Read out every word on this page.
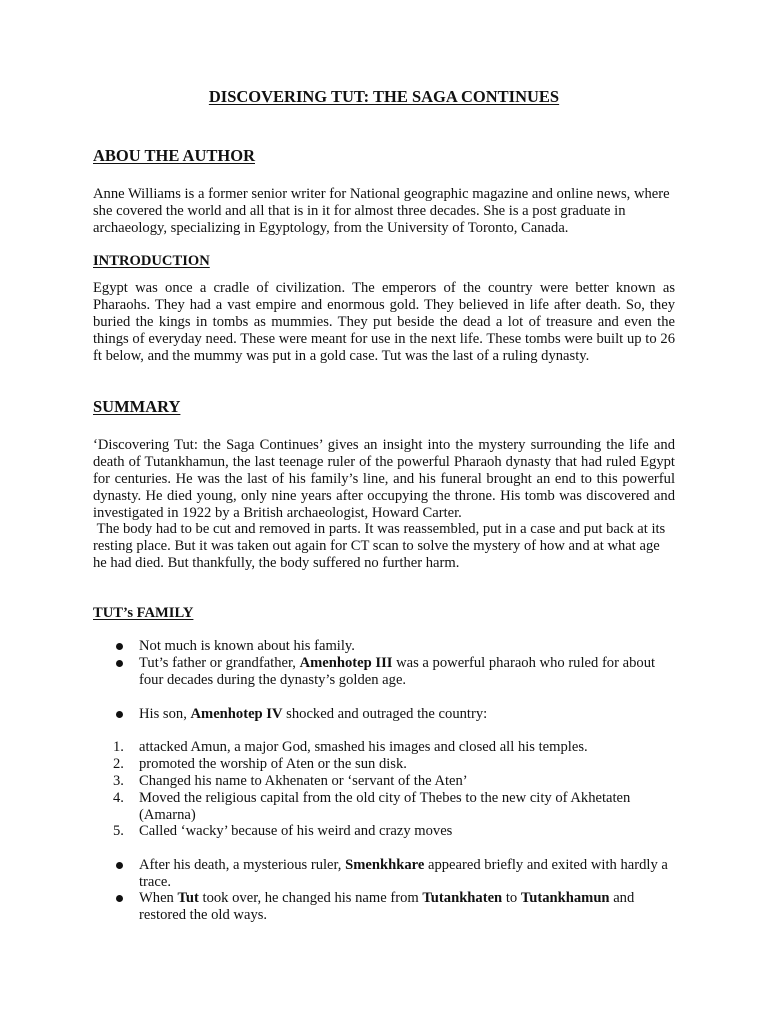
DISCOVERING TUT: THE SAGA CONTINUES
ABOU THE AUTHOR
Anne Williams is a former senior writer for National geographic magazine and online news, where she covered the world and all that is in it for almost three decades. She is a post graduate in archaeology, specializing in Egyptology, from the University of Toronto, Canada.
INTRODUCTION
Egypt was once a cradle of civilization. The emperors of the country were better known as Pharaohs. They had a vast empire and enormous gold. They believed in life after death. So, they buried the kings in tombs as mummies. They put beside the dead a lot of treasure and even the things of everyday need. These were meant for use in the next life. These tombs were built up to 26 ft below, and the mummy was put in a gold case. Tut was the last of a ruling dynasty.
SUMMARY
‘Discovering Tut: the Saga Continues’ gives an insight into the mystery surrounding the life and death of Tutankhamun, the last teenage ruler of the powerful Pharaoh dynasty that had ruled Egypt for centuries. He was the last of his family’s line, and his funeral brought an end to this powerful dynasty. He died young, only nine years after occupying the throne. His tomb was discovered and investigated in 1922 by a British archaeologist, Howard Carter.
The body had to be cut and removed in parts. It was reassembled, put in a case and put back at its resting place. But it was taken out again for CT scan to solve the mystery of how and at what age he had died. But thankfully, the body suffered no further harm.
TUT’s FAMILY
Not much is known about his family.
Tut’s father or grandfather, Amenhotep III was a powerful pharaoh who ruled for about four decades during the dynasty’s golden age.
His son, Amenhotep IV shocked and outraged the country:
1. attacked Amun, a major God, smashed his images and closed all his temples.
2. promoted the worship of Aten or the sun disk.
3. Changed his name to Akhenaten or ‘servant of the Aten’
4. Moved the religious capital from the old city of Thebes to the new city of Akhetaten (Amarna)
5. Called ‘wacky’ because of his weird and crazy moves
After his death, a mysterious ruler, Smenkhkare appeared briefly and exited with hardly a trace.
When Tut took over, he changed his name from Tutankhaten to Tutankhamun and restored the old ways.
